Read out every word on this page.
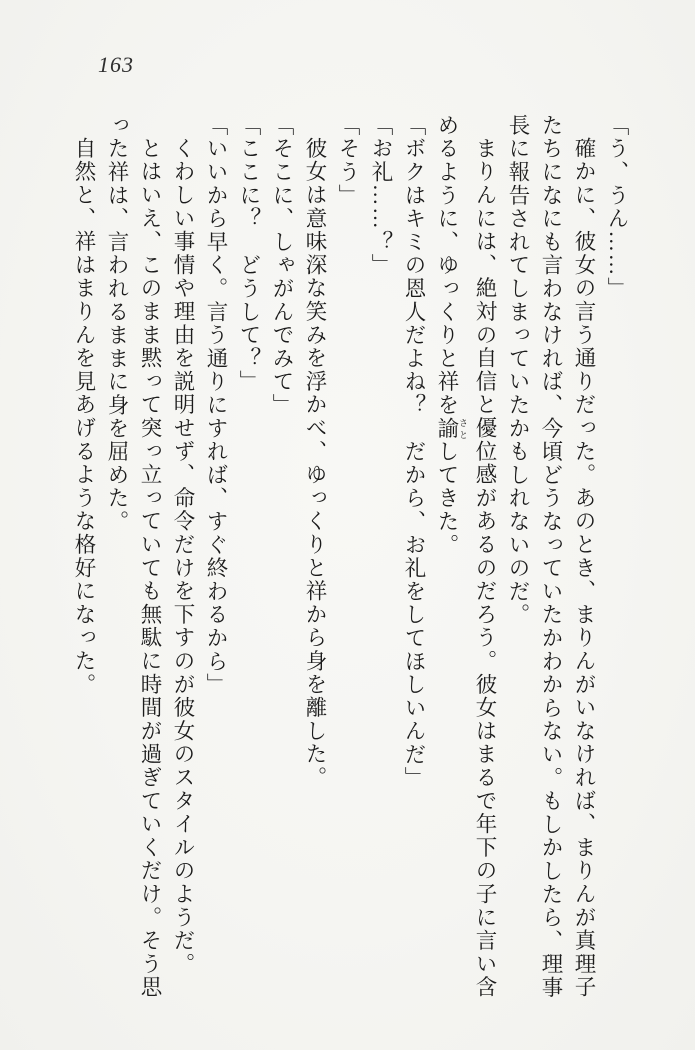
163

「う、うん……」

確かに、彼女の言う通りだった。あのとき、まりんがいなければ、まりんが真理子

たちになにも言わなければ、今頃どうなっていたかわからない。もしかしたら、理事

長に報告されてしまっていたかもしれないのだ。

まりんには、絶対の自信と優位感があるのだろう。彼女はまるで年下の子に言い含

めるように、ゆっくりと祥を諭 さとしてきた。

「ボクはキミの恩人だよね？　だから、お礼をしてほしいんだ」

「お礼……？」

「そう」

彼女は意味深な笑みを浮かべ、ゆっくりと祥から身を離した。

「そこに、しゃがんでみて」

「ここに？　どうして？」

「いいから早く。言う通りにすれば、すぐ終わるから」

くわしい事情や理由を説明せず、命令だけを下すのが彼女のスタイルのようだ。

とはいえ、このまま黙って突っ立っていても無駄に時間が過ぎていくだけ。そう思

った祥は、言われるままに身を屈めた。

自然と、祥はまりんを見あげるような格好になった。
